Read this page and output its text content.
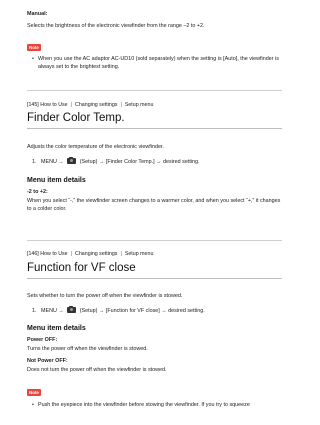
Manual:
Selects the brightness of the electronic viewfinder from the range –2 to +2.
Note
• When you use the AC adaptor AC-UD10 (sold separately) when the setting is [Auto], the viewfinder is always set to the brightest setting.
[145] How to Use | Changing settings | Setup menu
Finder Color Temp.
Adjusts the color temperature of the electronic viewfinder.
1. MENU →	(Setup) → [Finder Color Temp.] → desired setting.
Menu item details
-2 to +2:
When you select “-,” the viewfinder screen changes to a warmer color, and when you select “+,” it changes to a colder color.
[146] How to Use | Changing settings | Setup menu
Function for VF close
Sets whether to turn the power off when the viewfinder is stowed.
1. MENU →	(Setup) → [Function for VF close] → desired setting.
Menu item details
Power OFF:
Turns the power off when the viewfinder is stowed.
Not Power OFF:
Does not turn the power off when the viewfinder is stowed.
Note
• Push the eyepiece into the viewfinder before stowing the viewfinder. If you try to squeeze
